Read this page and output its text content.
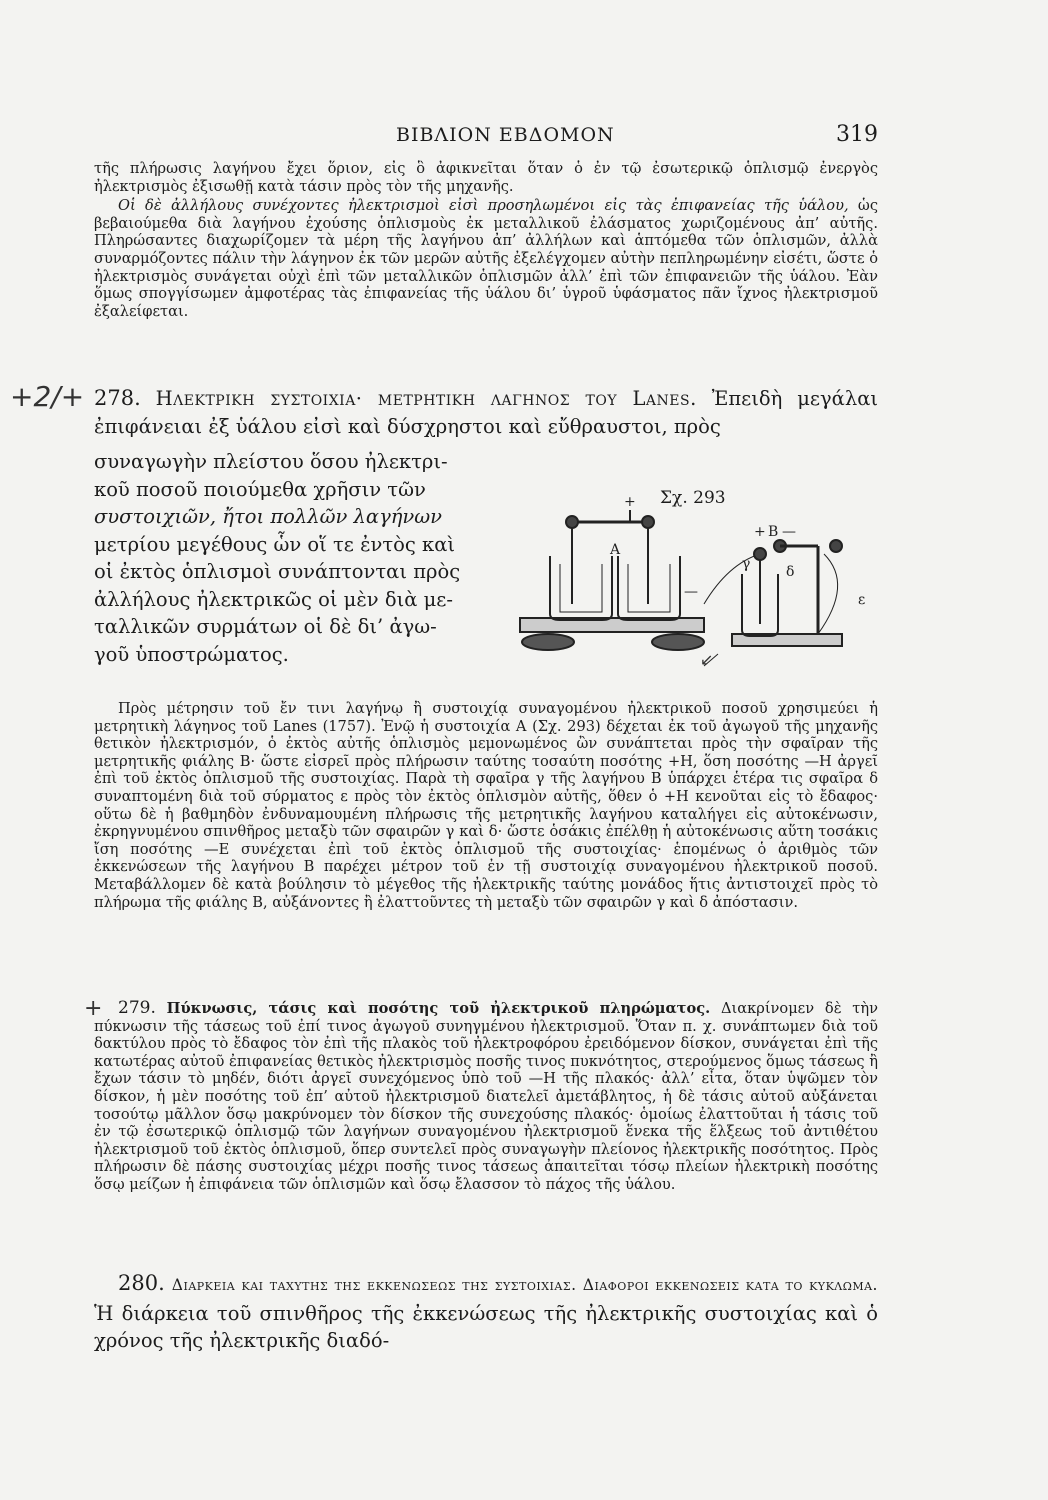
ΒΙΒΛΙΟΝ ΕΒΔΟΜΟΝ	319

τῆς πλήρωσις λαγήνου ἔχει ὅριον, εἰς ὃ ἀφικνεῖται ὅταν ὁ ἐν τῷ ἐσωτερικῷ ὁπλισμῷ ἐνεργὸς ἠλεκτρισμὸς ἐξισωθῇ κατὰ τάσιν πρὸς τὸν τῆς μηχανῆς.

Οἱ δὲ ἀλλήλους συνέχοντες ἠλεκτρισμοὶ εἰσὶ προσηλωμένοι εἰς τὰς ἐπιφανείας τῆς ὑάλου, ὡς βεβαιούμεθα διὰ λαγήνου ἐχούσης ὁπλισμοὺς ἐκ μεταλλικοῦ ἐλάσματος χωριζομένους ἀπ’ αὐτῆς. Πληρώσαντες διαχωρίζομεν τὰ μέρη τῆς λαγήνου ἀπ’ ἀλλήλων καὶ ἁπτόμεθα τῶν ὁπλισμῶν, ἀλλὰ συναρμόζοντες πάλιν τὴν λάγηνον ἐκ τῶν μερῶν αὐτῆς ἐξελέγχομεν αὐτὴν πεπληρωμένην εἰσέτι, ὥστε ὁ ἠλεκτρισμὸς συνάγεται οὐχὶ ἐπὶ τῶν μεταλλικῶν ὁπλισμῶν ἀλλ’ ἐπὶ τῶν ἐπιφανειῶν τῆς ὑάλου. Ἐὰν ὅμως σπογγίσωμεν ἀμφοτέρας τὰς ἐπιφανείας τῆς ὑάλου δι’ ὑγροῦ ὑφάσματος πᾶν ἴχνος ἠλεκτρισμοῦ ἐξαλείφεται.

+2/+ 278. Ηλεκτρικη συστοιχια· μετρητικη λαγηνος του Lanes. Ἐπειδὴ μεγάλαι ἐπιφάνειαι ἐξ ὑάλου εἰσὶ καὶ δύσχρηστοι καὶ εὔθραυστοι, πρὸς
συναγωγὴν πλείστου ὅσου ἠλεκτρι-
κοῦ ποσοῦ ποιούμεθα χρῆσιν τῶν
συστοιχιῶν, ἤτοι πολλῶν λαγήνων
μετρίου μεγέθους ὧν οἵ τε ἐντὸς καὶ
οἱ ἐκτὸς ὁπλισμοὶ συνάπτονται πρὸς
ἀλλήλους ἠλεκτρικῶς οἱ μὲν διὰ με-
ταλλικῶν συρμάτων οἱ δὲ δι’ ἀγω-
γοῦ ὑποστρώματος.
Σχ. 293
+
Α
—
+ Β —
γ	δ
ε
Πρὸς μέτρησιν τοῦ ἔν τινι λαγήνῳ ἢ συστοιχίᾳ συναγομένου ἠλεκτρικοῦ ποσοῦ χρησιμεύει ἡ μετρητικὴ λάγηνος τοῦ Lanes (1757). Ἐνῷ ἡ συστοιχία Α (Σχ. 293) δέχεται ἐκ τοῦ ἀγωγοῦ τῆς μηχανῆς θετικὸν ἠλεκτρισμόν, ὁ ἐκτὸς αὐτῆς ὁπλισμὸς μεμονωμένος ὢν συνάπτεται πρὸς τὴν σφαῖραν τῆς μετρητικῆς φιάλης Β· ὥστε εἰσρεῖ πρὸς πλήρωσιν ταύτης τοσαύτη ποσότης +Η, ὅση ποσότης —Η ἀργεῖ ἐπὶ τοῦ ἐκτὸς ὁπλισμοῦ τῆς συστοιχίας. Παρὰ τὴ σφαῖρα γ τῆς λαγήνου Β ὑπάρχει ἑτέρα τις σφαῖρα δ συναπτομένη διὰ τοῦ σύρματος ε πρὸς τὸν ἐκτὸς ὁπλισμὸν αὐτῆς, ὅθεν ὁ +Η κενοῦται εἰς τὸ ἔδαφος· οὕτω δὲ ἡ βαθμηδὸν ἐνδυναμουμένη πλήρωσις τῆς μετρητικῆς λαγήνου καταλήγει εἰς αὐτοκένωσιν, ἐκρηγνυμένου σπινθῆρος μεταξὺ τῶν σφαιρῶν γ καὶ δ· ὥστε ὁσάκις ἐπέλθῃ ἡ αὐτοκένωσις αὕτη τοσάκις ἴση ποσότης —Ε συνέχεται ἐπὶ τοῦ ἐκτὸς ὁπλισμοῦ τῆς συστοιχίας· ἑπομένως ὁ ἀριθμὸς τῶν ἐκκενώσεων τῆς λαγήνου Β παρέχει μέτρον τοῦ ἐν τῇ συστοιχίᾳ συναγομένου ἠλεκτρικοῦ ποσοῦ. Μεταβάλλομεν δὲ κατὰ βούλησιν τὸ μέγεθος τῆς ἠλεκτρικῆς ταύτης μονάδος ἥτις ἀντιστοιχεῖ πρὸς τὸ πλήρωμα τῆς φιάλης Β, αὐξάνοντες ἢ ἐλαττοῦντες τὴ μεταξὺ τῶν σφαιρῶν γ καὶ δ ἀπόστασιν.
+ 279. Πύκνωσις, τάσις καὶ ποσότης τοῦ ἠλεκτρικοῦ πληρώματος. Διακρίνομεν δὲ τὴν πύκνωσιν τῆς τάσεως τοῦ ἐπί τινος ἀγωγοῦ συνηγμένου ἠλεκτρισμοῦ. Ὅταν π. χ. συνάπτωμεν διὰ τοῦ δακτύλου πρὸς τὸ ἔδαφος τὸν ἐπὶ τῆς πλακὸς τοῦ ἠλεκτροφόρου ἐρειδόμενον δίσκον, συνάγεται ἐπὶ τῆς κατωτέρας αὐτοῦ ἐπιφανείας θετικὸς ἠλεκτρισμὸς ποσῆς τινος πυκνότητος, στερούμενος ὅμως τάσεως ἢ ἔχων τάσιν τὸ μηδέν, διότι ἀργεῖ συνεχόμενος ὑπὸ τοῦ —Η τῆς πλακός· ἀλλ’ εἶτα, ὅταν ὑψῶμεν τὸν δίσκον, ἡ μὲν ποσότης τοῦ ἐπ’ αὐτοῦ ἠλεκτρισμοῦ διατελεῖ ἀμετάβλητος, ἡ δὲ τάσις αὐτοῦ αὐξάνεται τοσούτῳ μᾶλλον ὅσῳ μακρύνομεν τὸν δίσκον τῆς συνεχούσης πλακός· ὁμοίως ἐλαττοῦται ἡ τάσις τοῦ ἐν τῷ ἐσωτερικῷ ὁπλισμῷ τῶν λαγήνων συναγομένου ἠλεκτρισμοῦ ἕνεκα τῆς ἕλξεως τοῦ ἀντιθέτου ἠλεκτρισμοῦ τοῦ ἐκτὸς ὁπλισμοῦ, ὅπερ συντελεῖ πρὸς συναγωγὴν πλείονος ἠλεκτρικῆς ποσότητος. Πρὸς πλήρωσιν δὲ πάσης συστοιχίας μέχρι ποσῆς τινος τάσεως ἀπαιτεῖται τόσῳ πλείων ἠλεκτρικὴ ποσότης ὅσῳ μείζων ἡ ἐπιφάνεια τῶν ὁπλισμῶν καὶ ὅσῳ ἔλασσον τὸ πάχος τῆς ὑάλου.
280. Διαρκεια και ταχυτης της εκκενωσεως της συστοιχιας. Διαφοροι εκκενωσεις κατα το κυκλωμα. Ἡ διάρκεια τοῦ σπινθῆρος τῆς ἐκκενώσεως τῆς ἠλεκτρικῆς συστοιχίας καὶ ὁ χρόνος τῆς ἠλεκτρικῆς διαδό-
↙
